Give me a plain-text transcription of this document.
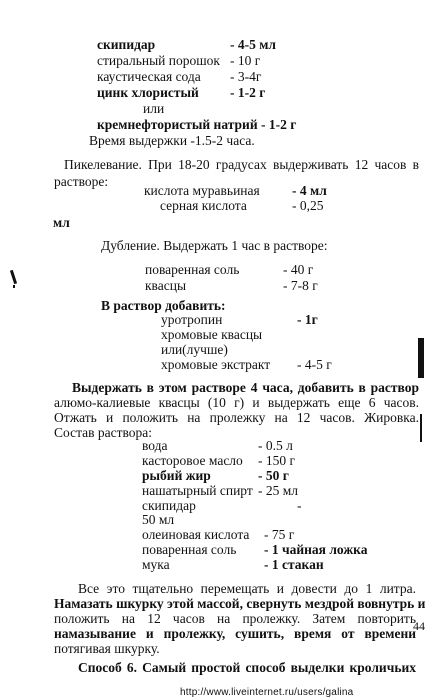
скипидар	- 4-5 мл
стиральный порошок - 10 г
каустическая сода - 3-4г
цинк хлористый - 1-2 г
или
кремнефтористый натрий - 1-2 г
Время выдержки -1.5-2 часа.
Пикелевание. При 18-20 градусах выдерживать 12 часов в
растворе:
кислота муравьиная - 4 мл
серная кислота	- 0,25
мл
Дубление. Выдержать 1 час в растворе:
поваренная соль	- 40 г
квасцы	- 7-8 г
В раствор добавить:
уротропин	- 1г
хромовые квасцы
или(лучше)
хромовые экстракт - 4-5 г
Выдержать в этом растворе 4 часа, добавить в раствор
алюмо-калиевые квасцы (10 г) и выдержать еще 6 часов.
Отжать и положить на пролежку на 12 часов. Жировка.
Состав раствора:
вода	- 0.5 л
касторовое масло - 150 г
рыбий жир	- 50 г
нашатырный спирт - 25 мл
скипидар	-
50 мл
олеиновая кислота - 75 г
поваренная соль - 1 чайная ложка
мука	- 1 стакан
Все это тщательно перемещать и довести до 1 литра.
Намазать шкурку этой массой, свернуть мездрой вовнутрь и
положить на 12 часов на пролежку. Затем повторить
намазывание и пролежку, сушить, время от времени
потягивая шкурку.
44
Способ 6. Самый простой способ выделки кроличьих
http://www.liveinternet.ru/users/galina
